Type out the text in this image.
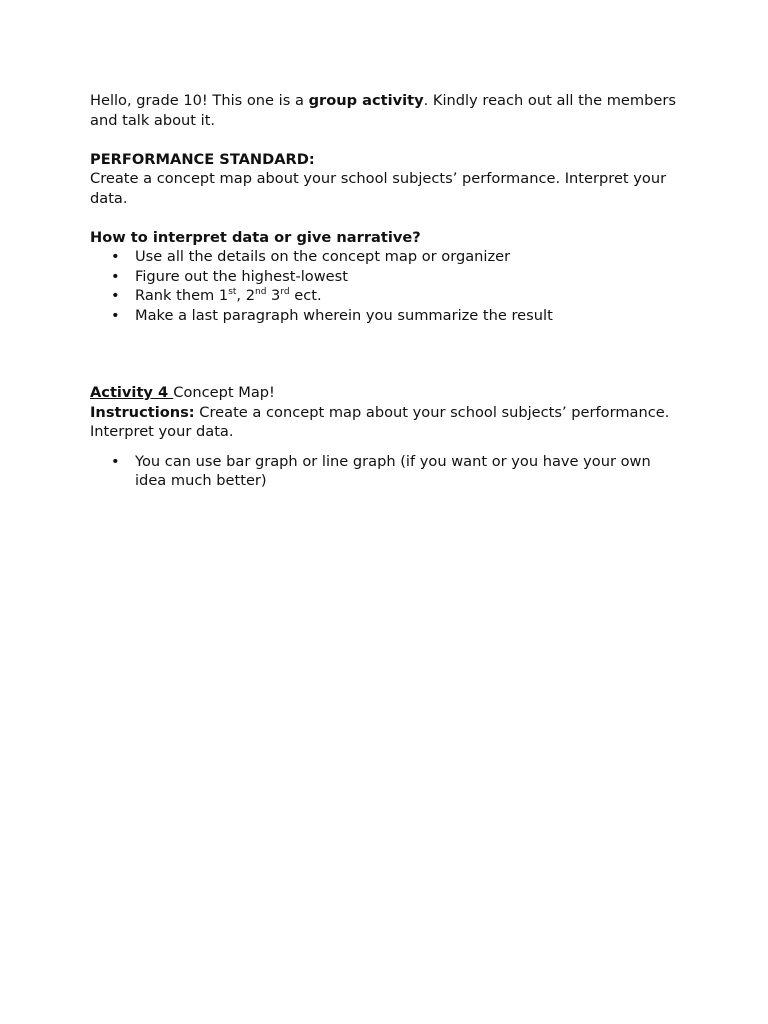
Hello, grade 10! This one is a group activity. Kindly reach out all the members and talk about it.

PERFORMANCE STANDARD:

Create a concept map about your school subjects’ performance. Interpret your data.

How to interpret data or give narrative?

• Use all the details on the concept map or organizer
• Figure out the highest-lowest
• Rank them 1st, 2nd 3rd ect.
• Make a last paragraph wherein you summarize the result

Activity 4 Concept Map!

Instructions: Create a concept map about your school subjects’ performance. Interpret your data.

• You can use bar graph or line graph (if you want or you have your own idea much better)
